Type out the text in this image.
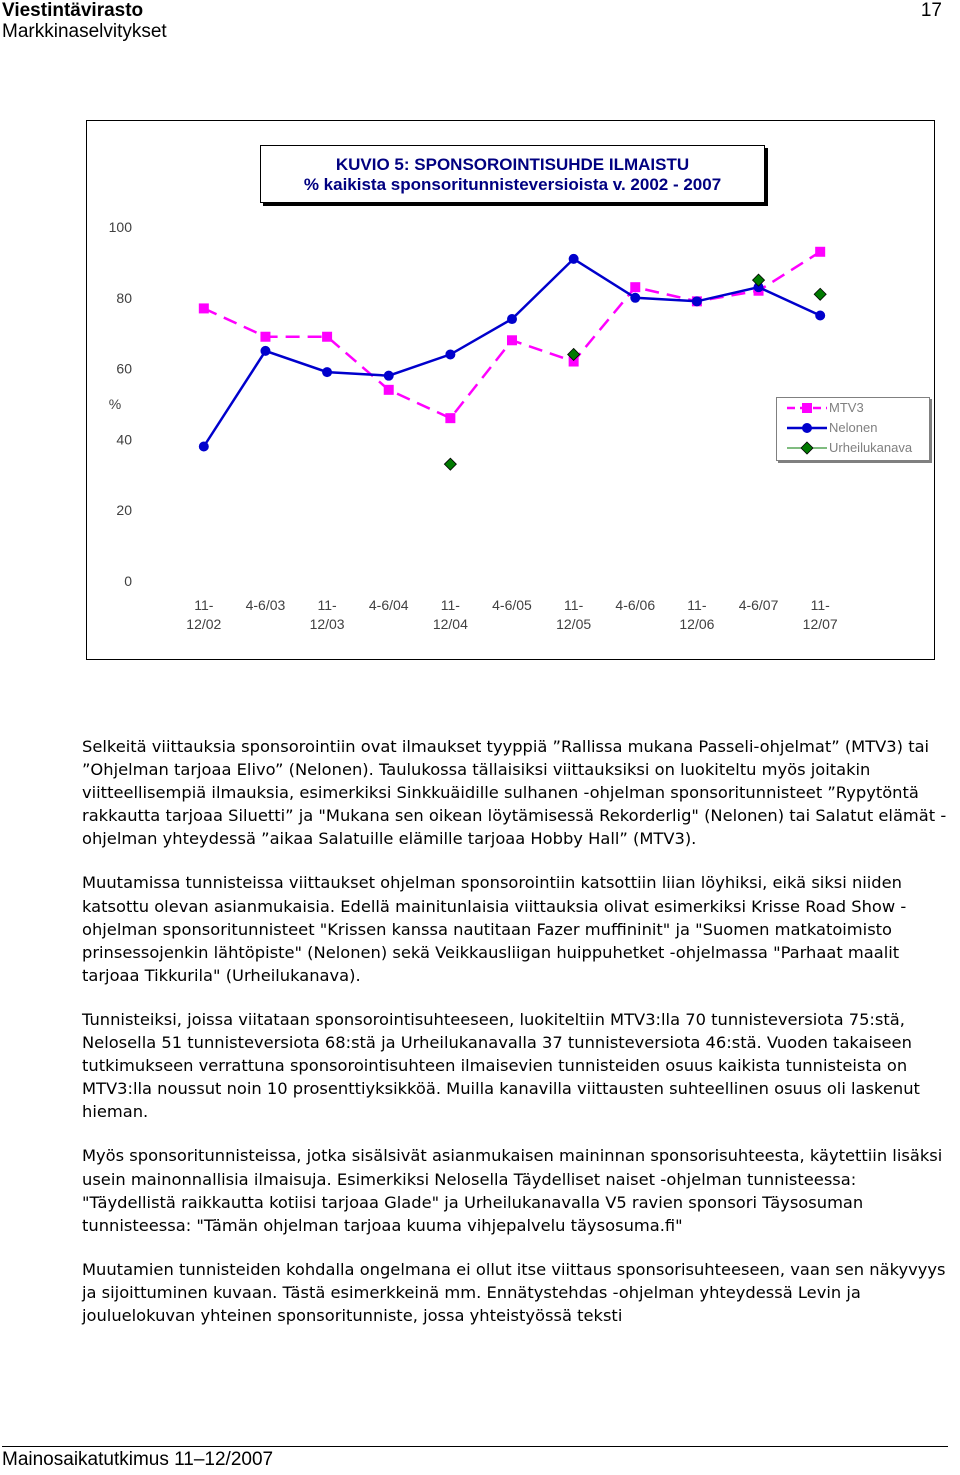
Viestintävirasto
Markkinaselvitykset
17
0
20
40
60
80
100
%
11-
12/02
4-6/03 11-
12/03
4-6/04 11-
12/04
4-6/05 11-
12/05
4-6/06 11-
12/06
4-6/07 11-
12/07
KUVIO 5: SPONSOROINTISUHDE ILMAISTU
% kaikista sponsoritunnisteversioista v. 2002 - 2007
MTV3
Nelonen
Urheilukanava

Selkeitä viittauksia sponsorointiin ovat ilmaukset tyyppiä ”Rallissa mukana Passeli-ohjelmat” (MTV3) tai ”Ohjelman tarjoaa Elivo” (Nelonen). Taulukossa tällaisiksi viittauksiksi on luokiteltu myös joitakin viitteellisempiä ilmauksia, esimerkiksi Sinkkuäidille sulhanen -ohjelman sponsoritunnisteet ”Rypytöntä rakkautta tarjoaa Siluetti” ja "Mukana sen oikean löytämisessä Rekorderlig" (Nelonen) tai Salatut elämät -ohjelman yhteydessä ”aikaa Salatuille elämille tarjoaa Hobby Hall” (MTV3).

Muutamissa tunnisteissa viittaukset ohjelman sponsorointiin katsottiin liian löyhiksi, eikä siksi niiden katsottu olevan asianmukaisia. Edellä mainitunlaisia viittauksia olivat esimerkiksi Krisse Road Show -ohjelman sponsoritunnisteet "Krissen kanssa nautitaan Fazer muffininit" ja "Suomen matkatoimisto prinsessojenkin lähtöpiste" (Nelonen) sekä Veikkausliigan huippuhetket -ohjelmassa "Parhaat maalit tarjoaa Tikkurila" (Urheilukanava).

Tunnisteiksi, joissa viitataan sponsorointisuhteeseen, luokiteltiin MTV3:lla 70 tunnisteversiota 75:stä, Nelosella 51 tunnisteversiota 68:stä ja Urheilukanavalla 37 tunnisteversiota 46:stä. Vuoden takaiseen tutkimukseen verrattuna sponsorointisuhteen ilmaisevien tunnisteiden osuus kaikista tunnisteista on MTV3:lla noussut noin 10 prosenttiyksikköä. Muilla kanavilla viittausten suhteellinen osuus oli laskenut hieman.

Myös sponsoritunnisteissa, jotka sisälsivät asianmukaisen maininnan sponsorisuhteesta, käytettiin lisäksi usein mainonnallisia ilmaisuja. Esimerkiksi Nelosella Täydelliset naiset -ohjelman tunnisteessa: "Täydellistä raikkautta kotiisi tarjoaa Glade" ja Urheilukanavalla V5 ravien sponsori Täysosuman tunnisteessa: "Tämän ohjelman tarjoaa kuuma vihjepalvelu täysosuma.fi"

Muutamien tunnisteiden kohdalla ongelmana ei ollut itse viittaus sponsorisuhteeseen, vaan sen näkyvyys ja sijoittuminen kuvaan. Tästä esimerkkeinä mm. Ennätystehdas -ohjelman yhteydessä Levin ja jouluelokuvan yhteinen sponsoritunniste, jossa yhteistyössä teksti

Mainosaikatutkimus 11–12/2007
